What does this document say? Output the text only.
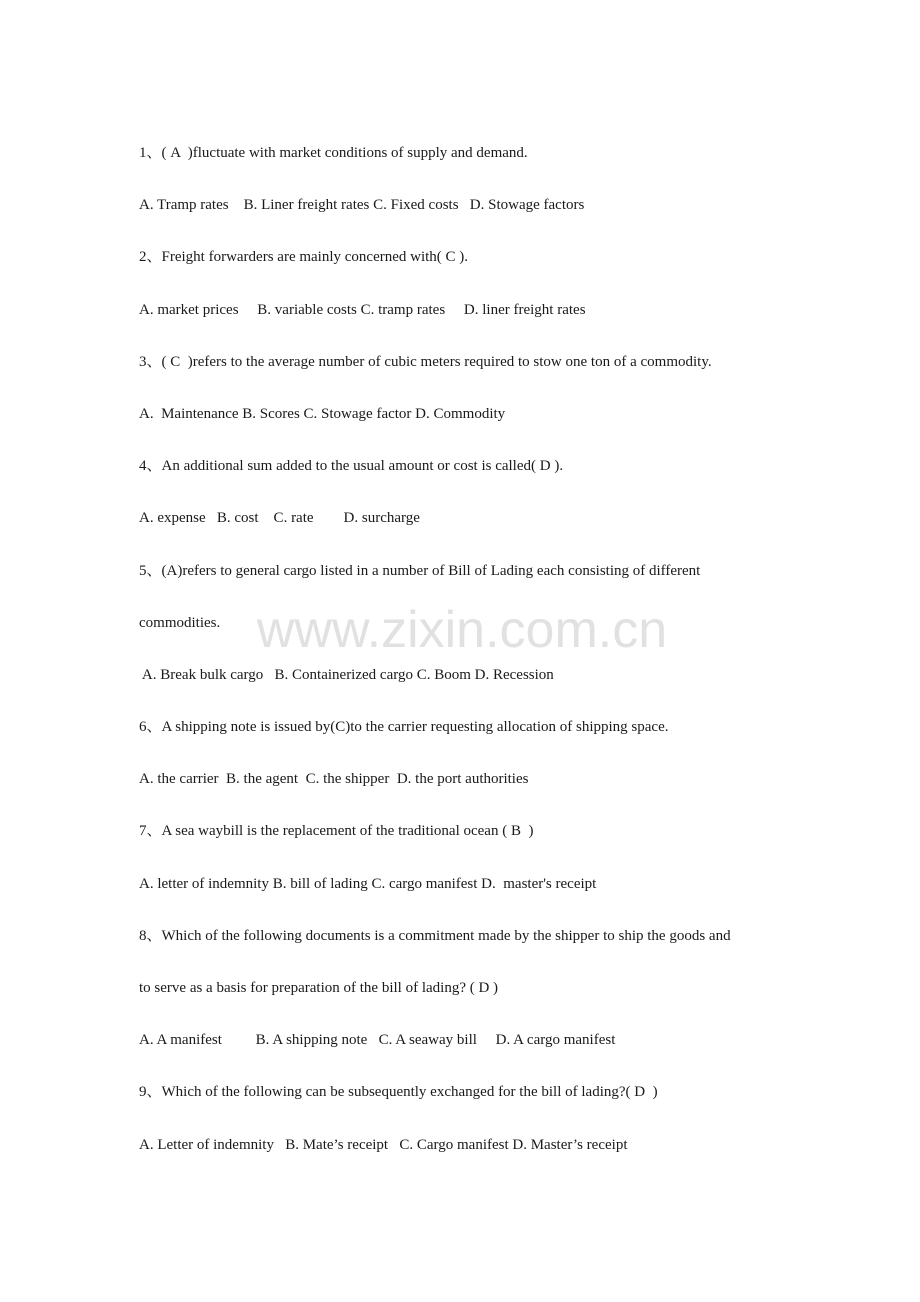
1、( A  )fluctuate with market conditions of supply and demand.

A. Tramp rates    B. Liner freight rates C. Fixed costs   D. Stowage factors

2、Freight forwarders are mainly concerned with( C ).

A. market prices     B. variable costs C. tramp rates     D. liner freight rates

3、( C  )refers to the average number of cubic meters required to stow one ton of a commodity.

A.  Maintenance B. Scores C. Stowage factor D. Commodity

4、An additional sum added to the usual amount or cost is called( D ).

A. expense   B. cost    C. rate        D. surcharge

5、(A)refers to general cargo listed in a number of Bill of Lading each consisting of different

commodities.

A. Break bulk cargo   B. Containerized cargo C. Boom D. Recession

6、A shipping note is issued by(C)to the carrier requesting allocation of shipping space.

A. the carrier  B. the agent  C. the shipper  D. the port authorities

7、A sea waybill is the replacement of the traditional ocean ( B  )

A. letter of indemnity B. bill of lading C. cargo manifest D.  master's receipt

8、Which of the following documents is a commitment made by the shipper to ship the goods and

to serve as a basis for preparation of the bill of lading? ( D )

A. A manifest         B. A shipping note   C. A seaway bill     D. A cargo manifest

9、Which of the following can be subsequently exchanged for the bill of lading?( D  )

A. Letter of indemnity   B. Mate’s receipt   C. Cargo manifest D. Master’s receipt

www.zixin.com.cn
